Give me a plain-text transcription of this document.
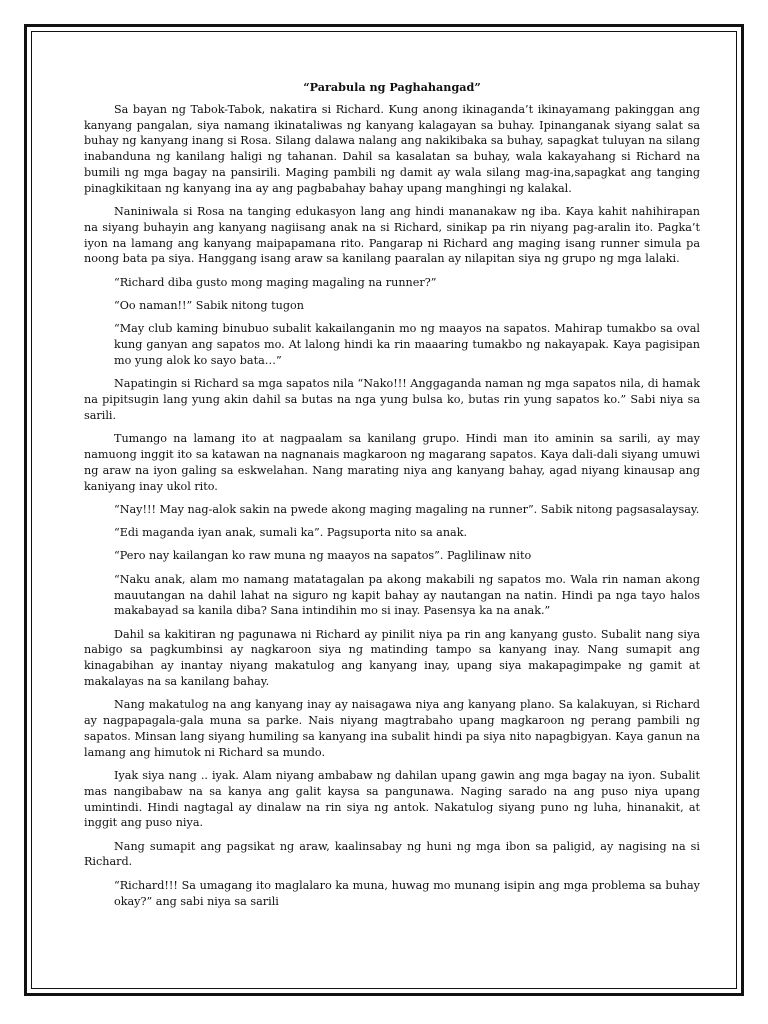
“Parabula ng Paghahangad”

Sa bayan ng Tabok-Tabok, nakatira si Richard. Kung anong ikinaganda’t ikinayamang pakinggan ang kanyang pangalan, siya namang ikinataliwas ng kanyang kalagayan sa buhay. Ipinanganak siyang salat sa buhay ng kanyang inang si Rosa. Silang dalawa nalang ang nakikibaka sa buhay, sapagkat tuluyan na silang inabanduna ng kanilang haligi ng tahanan. Dahil sa kasalatan sa buhay, wala kakayahang si Richard na bumili ng mga bagay na pansirili. Maging pambili ng damit ay wala silang mag-ina,sapagkat ang tanging pinagkikitaan ng kanyang ina ay ang pagbabahay bahay upang manghingi ng kalakal.

Naniniwala si Rosa na tanging edukasyon lang ang hindi mananakaw ng iba. Kaya kahit nahihirapan na siyang buhayin ang kanyang nagiisang anak na si Richard, sinikap pa rin niyang pag-aralin ito. Pagka’t iyon na lamang ang kanyang maipapamana rito. Pangarap ni Richard ang maging isang runner simula pa noong bata pa siya. Hanggang isang araw sa kanilang paaralan ay nilapitan siya ng grupo ng mga lalaki.

“Richard diba gusto mong maging magaling na runner?”

“Oo naman!!” Sabik nitong tugon

“May club kaming binubuo subalit kakailanganin mo ng maayos na sapatos. Mahirap tumakbo sa oval kung ganyan ang sapatos mo. At lalong hindi ka rin maaaring tumakbo ng nakayapak. Kaya pagisipan mo yung alok ko sayo bata…”

Napatingin si Richard sa mga sapatos nila “Nako!!! Anggaganda naman ng mga sapatos nila, di hamak na pipitsugin lang yung akin dahil sa butas na nga yung bulsa ko, butas rin yung sapatos ko.” Sabi niya sa sarili.

Tumango na lamang ito at nagpaalam sa kanilang grupo. Hindi man ito aminin sa sarili, ay may namuong inggit ito sa katawan na nagnanais magkaroon ng magarang sapatos. Kaya dali-dali siyang umuwi ng araw na iyon galing sa eskwelahan. Nang marating niya ang kanyang bahay, agad niyang kinausap ang kaniyang inay ukol rito.

“Nay!!! May nag-alok sakin na pwede akong maging magaling na runner”. Sabik nitong pagsasalaysay.

“Edi maganda iyan anak, sumali ka”. Pagsuporta nito sa anak.

“Pero nay kailangan ko raw muna ng maayos na sapatos”. Paglilinaw nito

“Naku anak, alam mo namang matatagalan pa akong makabili ng sapatos mo. Wala rin naman akong mauutangan na dahil lahat na siguro ng kapit bahay ay nautangan na natin. Hindi pa nga tayo halos makabayad sa kanila diba? Sana intindihin mo si inay. Pasensya ka na anak.”

Dahil sa kakitiran ng pagunawa ni Richard ay pinilit niya pa rin ang kanyang gusto. Subalit nang siya nabigo sa pagkumbinsi ay nagkaroon siya ng matinding tampo sa kanyang inay. Nang sumapit ang kinagabihan ay inantay niyang makatulog ang kanyang inay, upang siya makapagimpake ng gamit at makalayas na sa kanilang bahay.

Nang makatulog na ang kanyang inay ay naisagawa niya ang kanyang plano. Sa kalakuyan, si Richard ay nagpapagala-gala muna sa parke. Nais niyang magtrabaho upang magkaroon ng perang pambili ng sapatos. Minsan lang siyang humiling sa kanyang ina subalit hindi pa siya nito napagbigyan. Kaya ganun na lamang ang himutok ni Richard sa mundo.

Iyak siya nang .. iyak. Alam niyang ambabaw ng dahilan upang gawin ang mga bagay na iyon. Subalit mas nangibabaw na sa kanya ang galit kaysa sa pangunawa. Naging sarado na ang puso niya upang umintindi. Hindi nagtagal ay dinalaw na rin siya ng antok. Nakatulog siyang puno ng luha, hinanakit, at inggit ang puso niya.

Nang sumapit ang pagsikat ng araw, kaalinsabay ng huni ng mga ibon sa paligid, ay nagising na si Richard.

“Richard!!! Sa umagang ito maglalaro ka muna, huwag mo munang isipin ang mga problema sa buhay okay?” ang sabi niya sa sarili
